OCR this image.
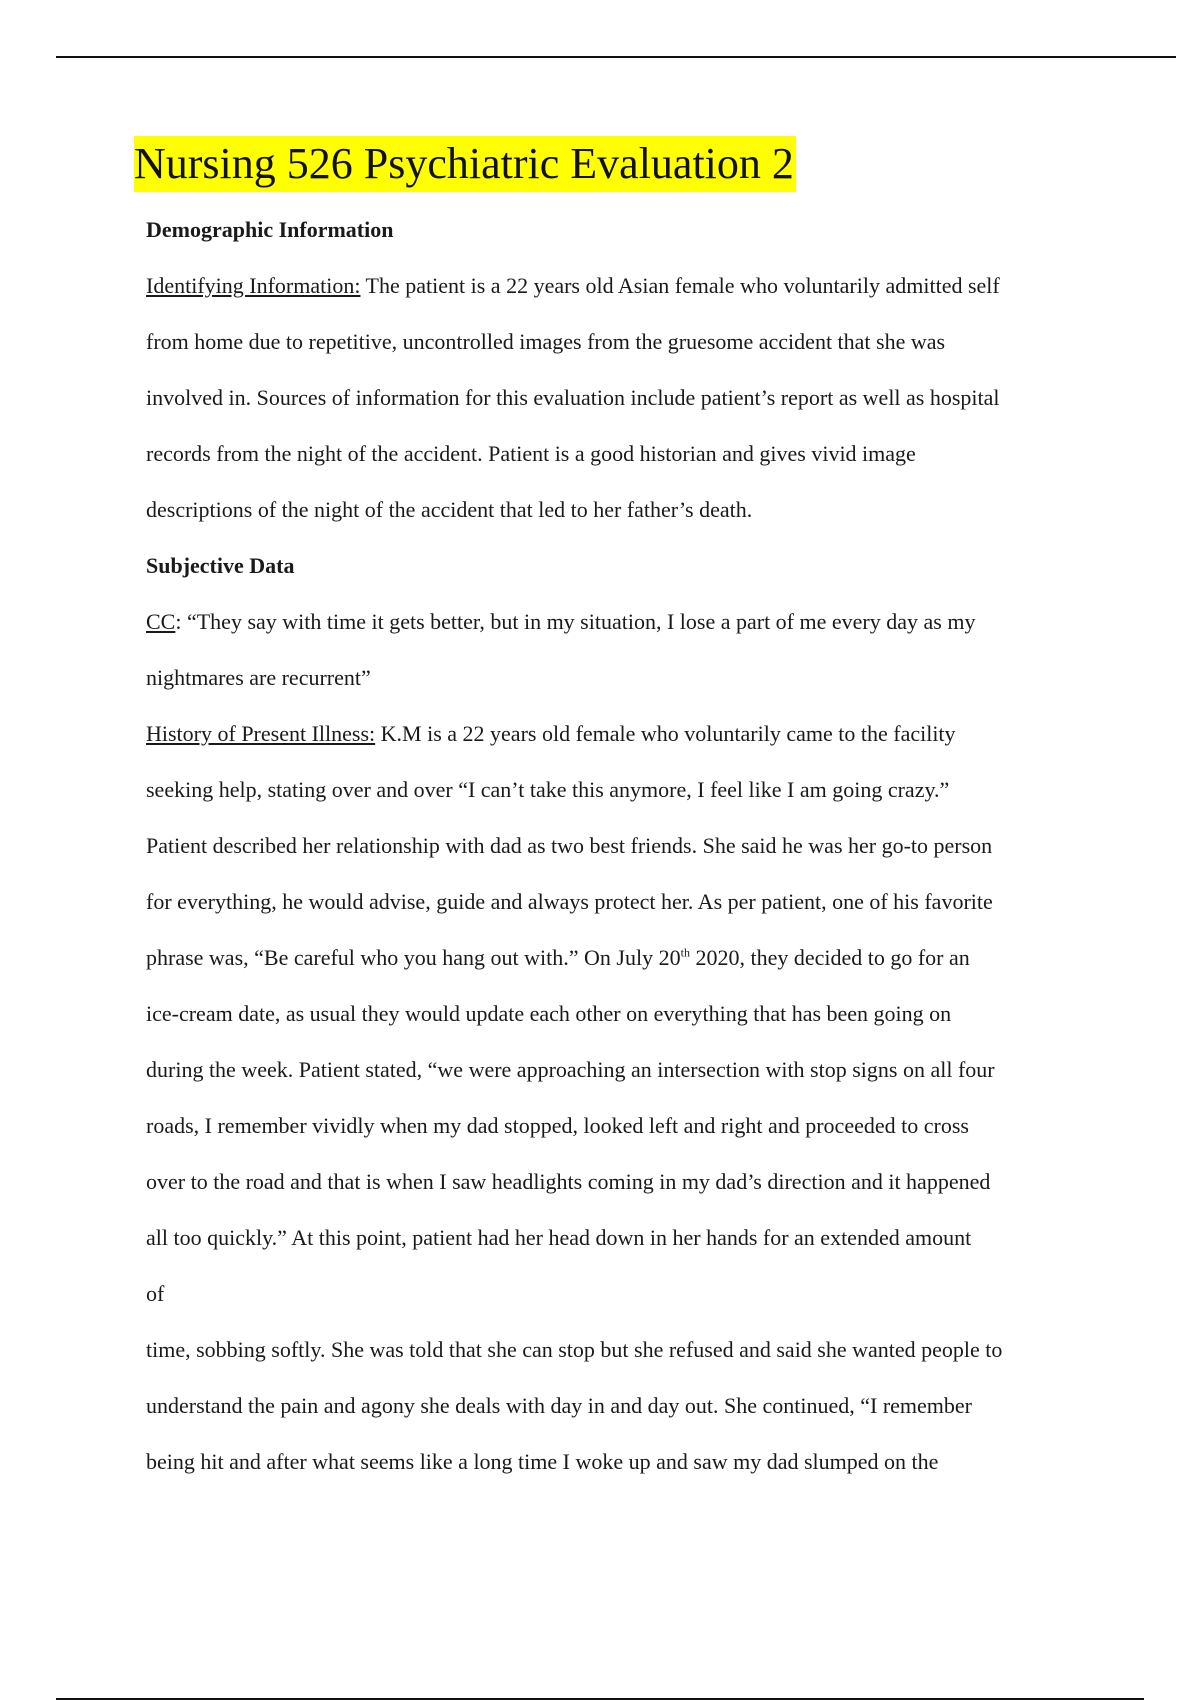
Nursing 526 Psychiatric Evaluation 2
Demographic Information
Identifying Information: The patient is a 22 years old Asian female who voluntarily admitted self
from home due to repetitive, uncontrolled images from the gruesome accident that she was
involved in. Sources of information for this evaluation include patient’s report as well as hospital
records from the night of the accident. Patient is a good historian and gives vivid image
descriptions of the night of the accident that led to her father’s death.
Subjective Data
CC: “They say with time it gets better, but in my situation, I lose a part of me every day as my
nightmares are recurrent”
History of Present Illness: K.M is a 22 years old female who voluntarily came to the facility
seeking help, stating over and over “I can’t take this anymore, I feel like I am going crazy.”
Patient described her relationship with dad as two best friends. She said he was her go-to person
for everything, he would advise, guide and always protect her. As per patient, one of his favorite
phrase was, “Be careful who you hang out with.” On July 20th 2020, they decided to go for an
ice-cream date, as usual they would update each other on everything that has been going on
during the week. Patient stated, “we were approaching an intersection with stop signs on all four
roads, I remember vividly when my dad stopped, looked left and right and proceeded to cross
over to the road and that is when I saw headlights coming in my dad’s direction and it happened
all too quickly.” At this point, patient had her head down in her hands for an extended amount
of
time, sobbing softly. She was told that she can stop but she refused and said she wanted people to
understand the pain and agony she deals with day in and day out. She continued, “I remember
being hit and after what seems like a long time I woke up and saw my dad slumped on the
